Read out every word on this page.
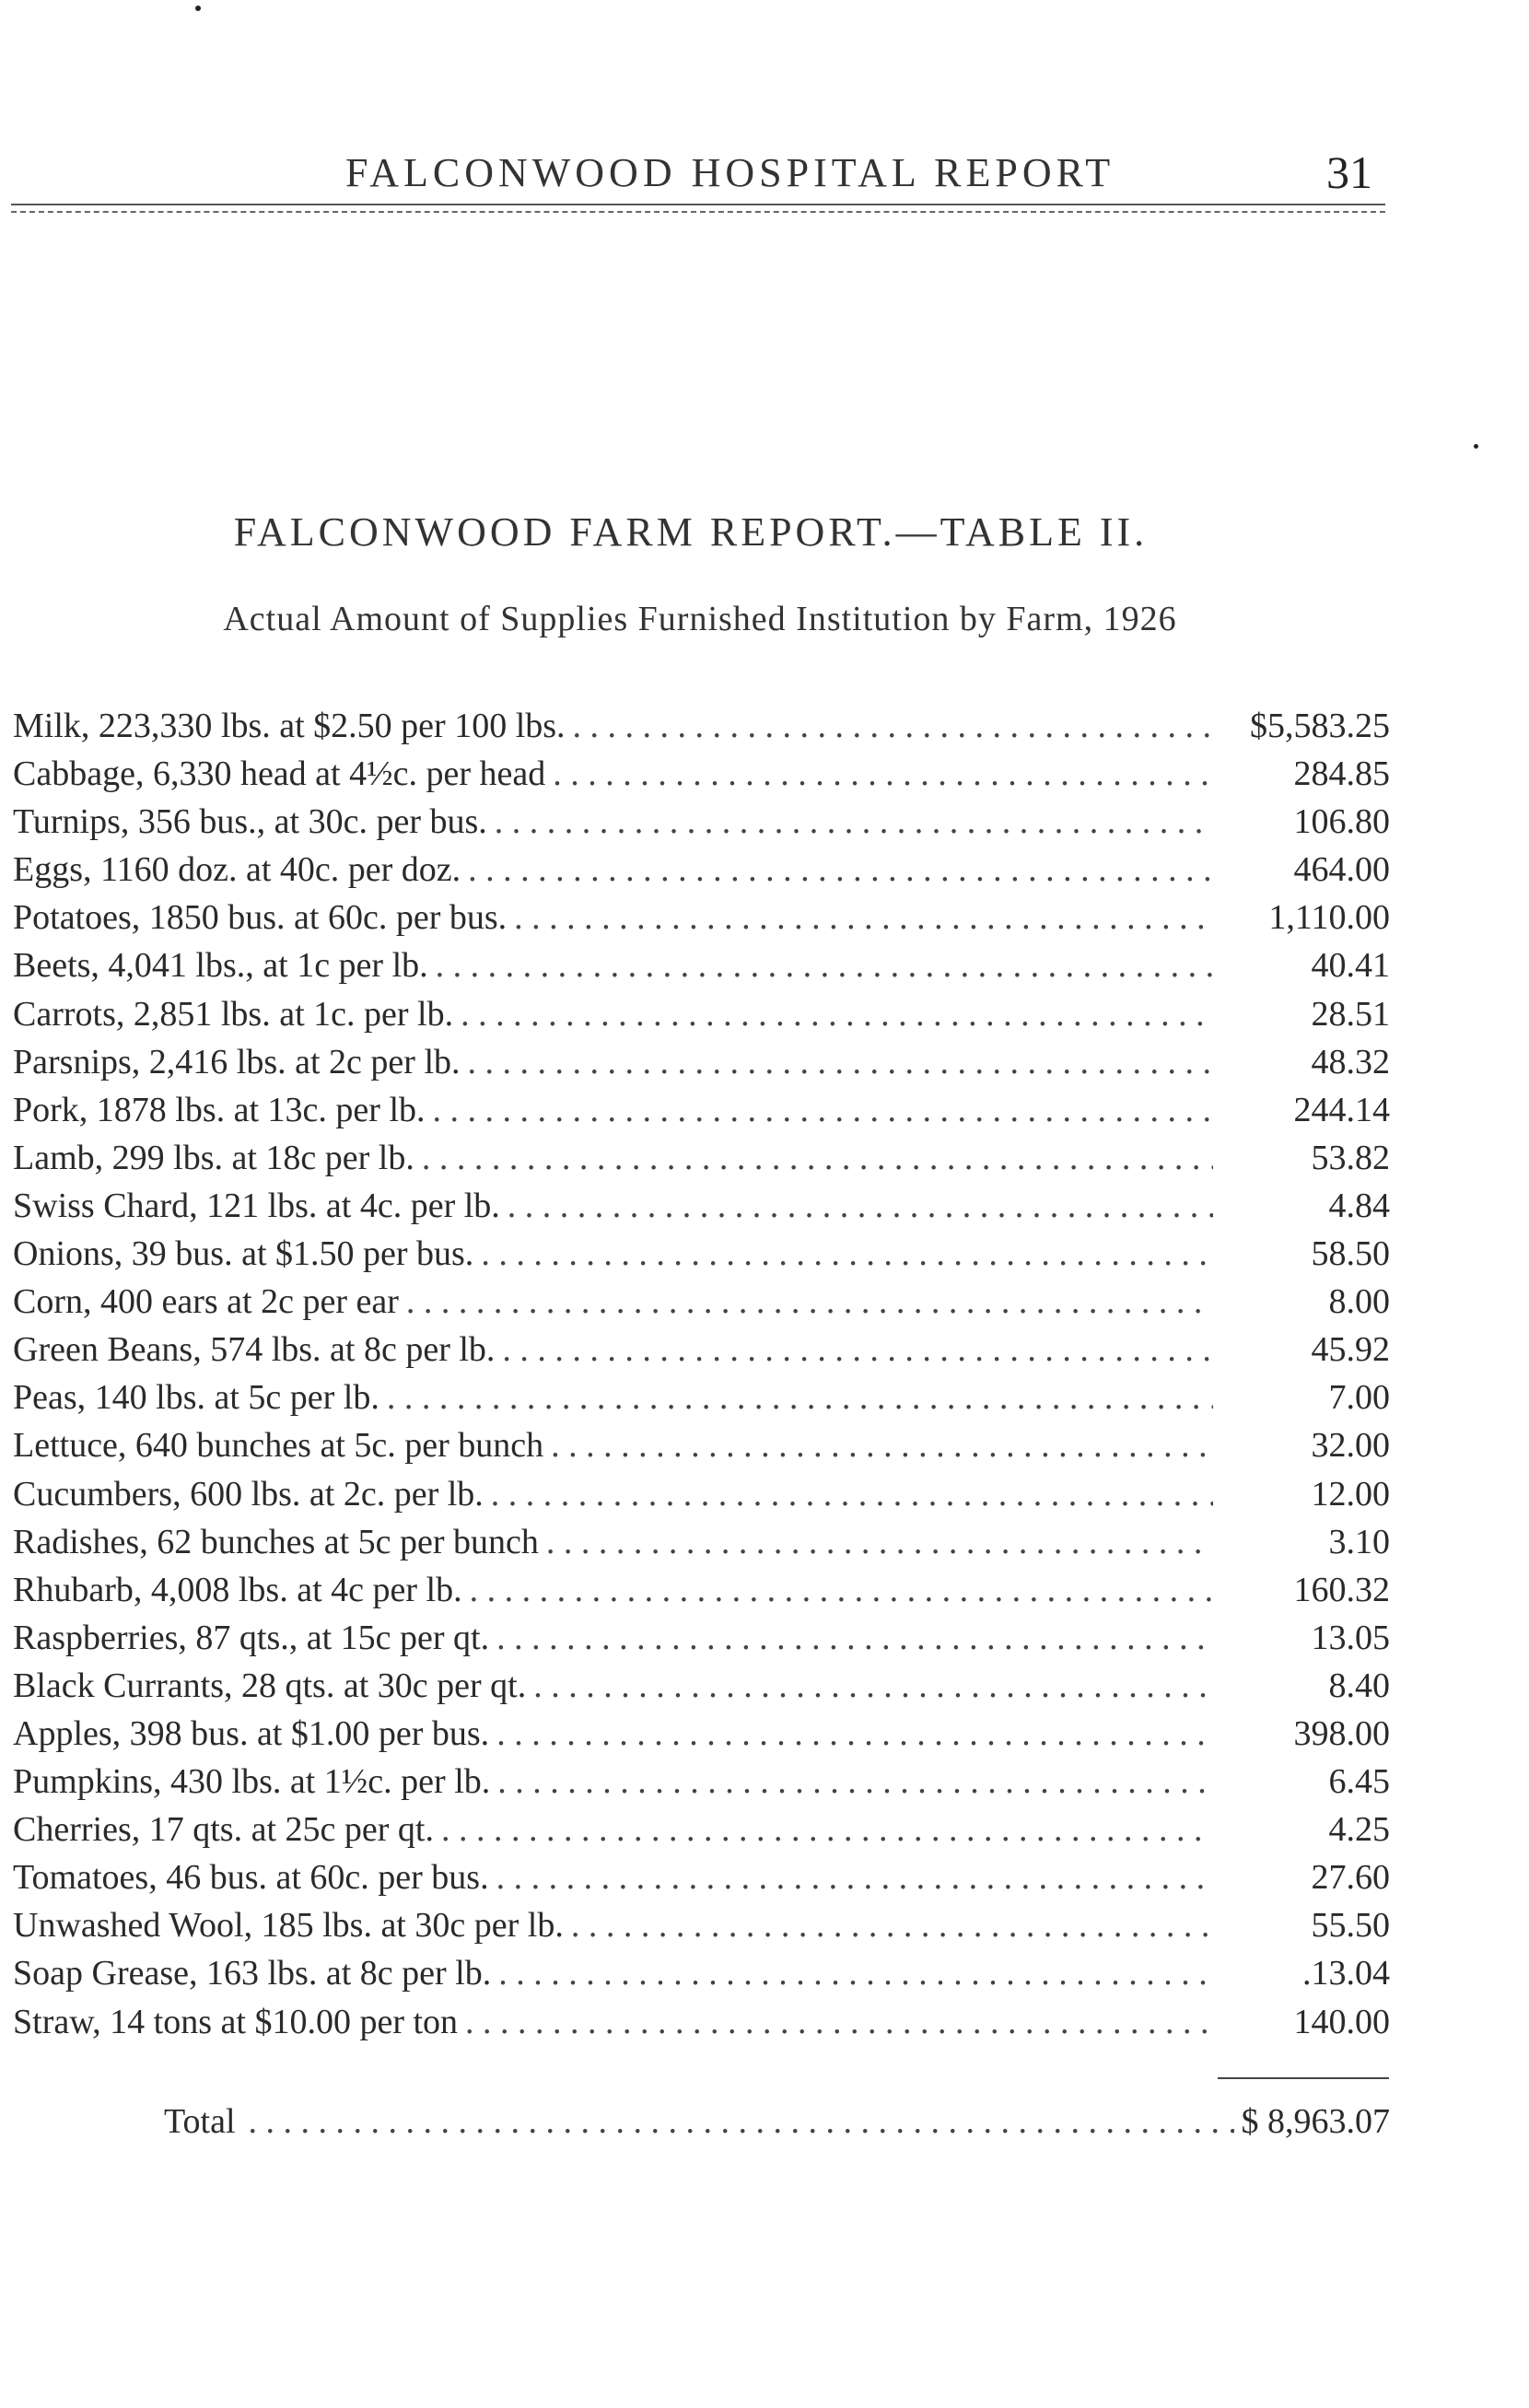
FALCONWOOD HOSPITAL REPORT	31
FALCONWOOD FARM REPORT.—TABLE II.
Actual Amount of Supplies Furnished Institution by Farm, 1926
Milk, 223,330 lbs. at $2.50 per 100 lbs. . . .	$5,583.25
Cabbage, 6,330 head at 4½c. per head . . .	284.85
Turnips, 356 bus., at 30c. per bus. . . .	106.80
Eggs, 1160 doz. at 40c. per doz. . . .	464.00
Potatoes, 1850 bus. at 60c. per bus. . . .	1,110.00
Beets, 4,041 lbs., at 1c per lb. . . .	40.41
Carrots, 2,851 lbs. at 1c. per lb. . . .	28.51
Parsnips, 2,416 lbs. at 2c per lb. . . .	48.32
Pork, 1878 lbs. at 13c. per lb. . . .	244.14
Lamb, 299 lbs. at 18c per lb. . . .	53.82
Swiss Chard, 121 lbs. at 4c. per lb. . . .	4.84
Onions, 39 bus. at $1.50 per bus. . . .	58.50
Corn, 400 ears at 2c per ear . . .	8.00
Green Beans, 574 lbs. at 8c per lb. . . .	45.92
Peas, 140 lbs. at 5c per lb. . . .	7.00
Lettuce, 640 bunches at 5c. per bunch . . .	32.00
Cucumbers, 600 lbs. at 2c. per lb. . . .	12.00
Radishes, 62 bunches at 5c per bunch . . .	3.10
Rhubarb, 4,008 lbs. at 4c per lb. . . .	160.32
Raspberries, 87 qts., at 15c per qt. . . .	13.05
Black Currants, 28 qts. at 30c per qt. . . .	8.40
Apples, 398 bus. at $1.00 per bus. . . .	398.00
Pumpkins, 430 lbs. at 1½c. per lb. . . .	6.45
Cherries, 17 qts. at 25c per qt. . . .	4.25
Tomatoes, 46 bus. at 60c. per bus. . . .	27.60
Unwashed Wool, 185 lbs. at 30c per lb. . . .	55.50
Soap Grease, 163 lbs. at 8c per lb. . . .	.13.04
Straw, 14 tons at $10.00 per ton . . .	140.00
Total . . .	$ 8,963.07
